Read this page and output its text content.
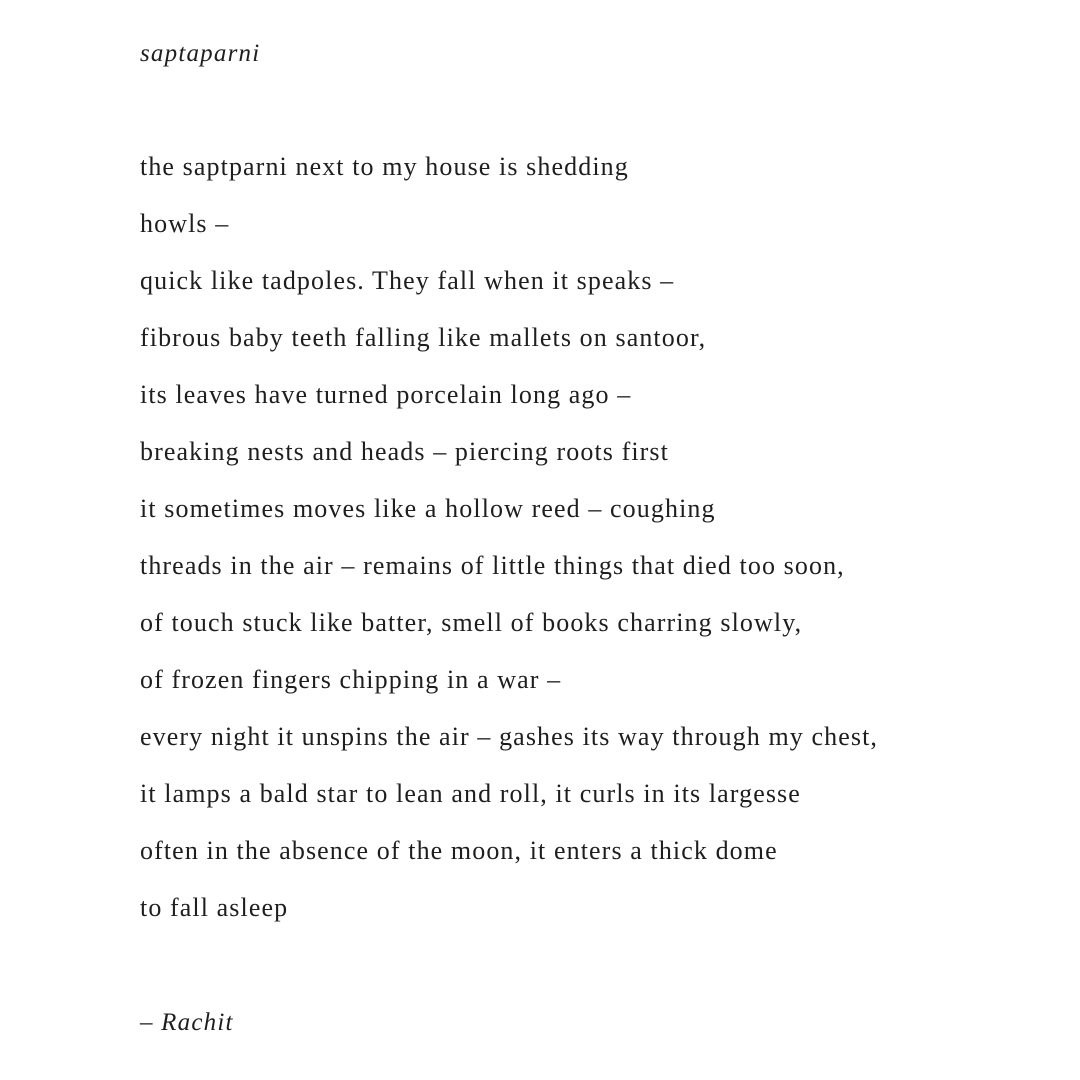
saptaparni
the saptparni next to my house is shedding
howls –
quick like tadpoles. They fall when it speaks –
fibrous baby teeth falling like mallets on santoor,
its leaves have turned porcelain long ago –
breaking nests and heads – piercing roots first
it sometimes moves like a hollow reed – coughing
threads in the air – remains of little things that died too soon,
of touch stuck like batter, smell of books charring slowly,
of frozen fingers chipping in a war –
every night it unspins the air – gashes its way through my chest,
it lamps a bald star to lean and roll, it curls in its largesse
often in the absence of the moon, it enters a thick dome
to fall asleep
– Rachit
